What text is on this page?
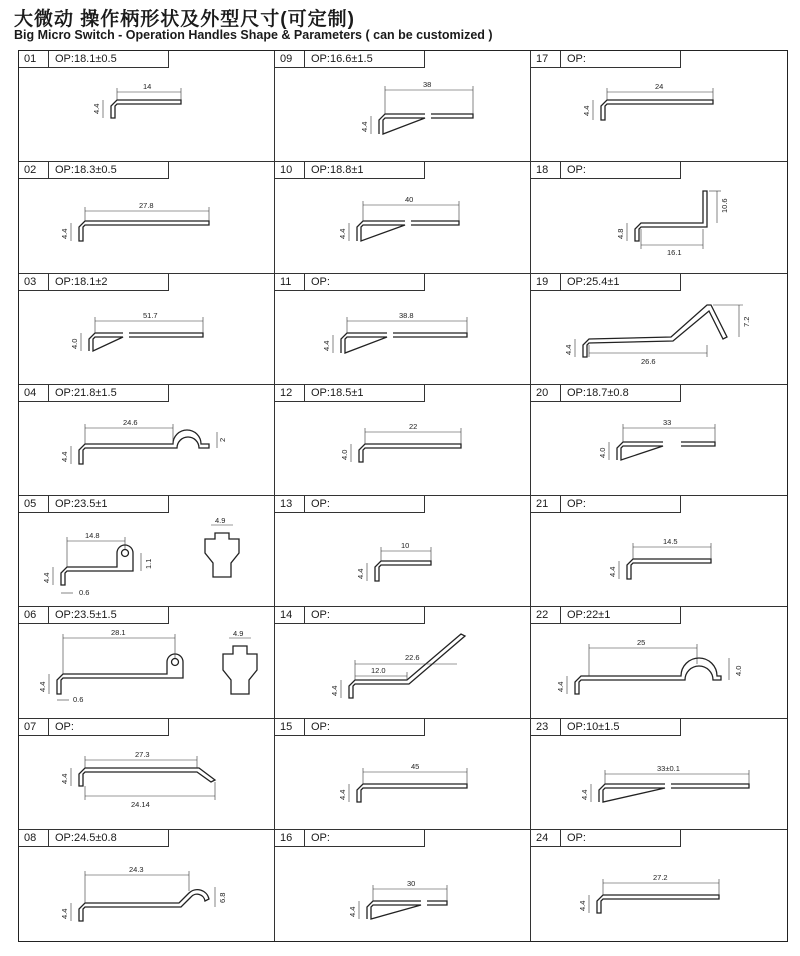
大微动 操作柄形状及外型尺寸(可定制)
Big Micro Switch - Operation Handles Shape & Parameters ( can be customized )
01	OP:18.1±0.5
14
4.4
09	OP:16.6±1.5
38
4.4
17	OP:
24
4.4
02	OP:18.3±0.5
27.8
4.4
10	OP:18.8±1
40
4.4
18	OP:
16.1
4.8
10.6
03	OP:18.1±2
51.7
4.0
11	OP:
38.8
4.4
19	OP:25.4±1
26.6
4.4
7.2
04	OP:21.8±1.5
24.6
4.4
2
12	OP:18.5±1
22
4.0
20	OP:18.7±0.8
33
4.0
05	OP:23.5±1
14.8
4.4
1.1
0.6
4.9
13	OP:
10
4.4
21	OP:
14.5
4.4
06	OP:23.5±1.5
28.1
4.4
0.6
4.9
14	OP:
22.6
12.0
4.4
22	OP:22±1
25
4.4
4.0
07	OP:
27.3
24.14
4.4
15	OP:
45
4.4
23	OP:10±1.5
33±0.1
4.4
08	OP:24.5±0.8
24.3
4.4
6.8
16	OP:
30
4.4
24	OP:
27.2
4.4
